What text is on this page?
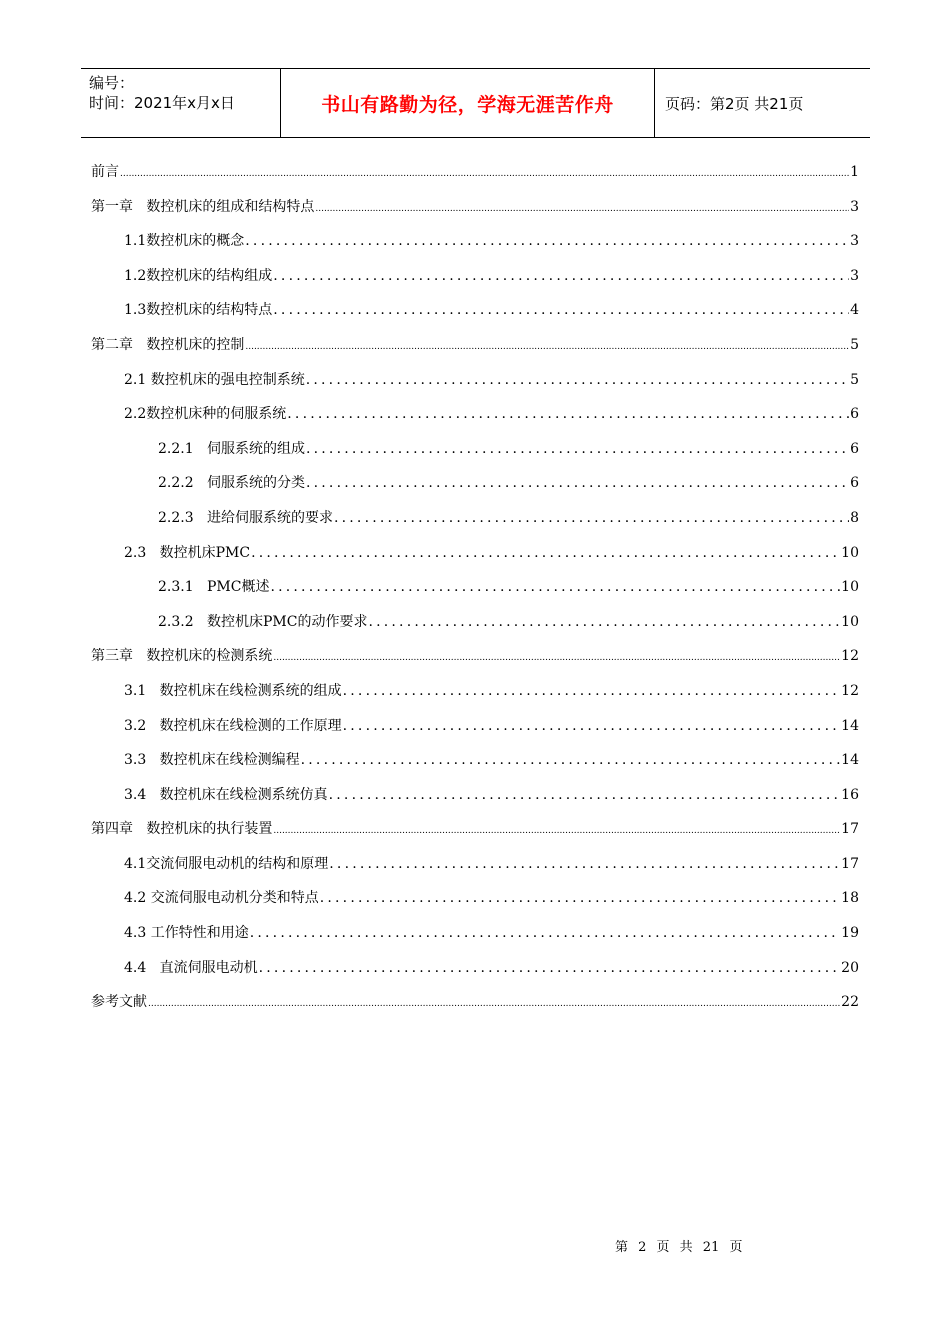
编号：
时间：2021年x月x日	书山有路勤为径，学海无涯苦作舟	页码：第2页 共21页
前言 .....	1
第一章   数控机床的组成和结构特点 .....	3
1.1数控机床的概念 .....	3
1.2数控机床的结构组成 .....	3
1.3数控机床的结构特点 .....	4
第二章   数控机床的控制 .....	5
2.1 数控机床的强电控制系统 .....	5
2.2数控机床种的伺服系统 .....	6
2.2.1   伺服系统的组成 .....	6
2.2.2   伺服系统的分类 .....	6
2.2.3   进给伺服系统的要求 .....	8
2.3   数控机床PMC .....	10
2.3.1   PMC概述 .....	10
2.3.2   数控机床PMC的动作要求 .....	10
第三章   数控机床的检测系统 .....	12
3.1   数控机床在线检测系统的组成 .....	12
3.2   数控机床在线检测的工作原理 .....	14
3.3   数控机床在线检测编程 .....	14
3.4   数控机床在线检测系统仿真 .....	16
第四章   数控机床的执行装置 .....	17
4.1交流伺服电动机的结构和原理 .....	17
4.2 交流伺服电动机分类和特点 .....	18
4.3 工作特性和用途 .....	19
4.4   直流伺服电动机 .....	20
参考文献 .....	22
第 2 页 共 21 页
